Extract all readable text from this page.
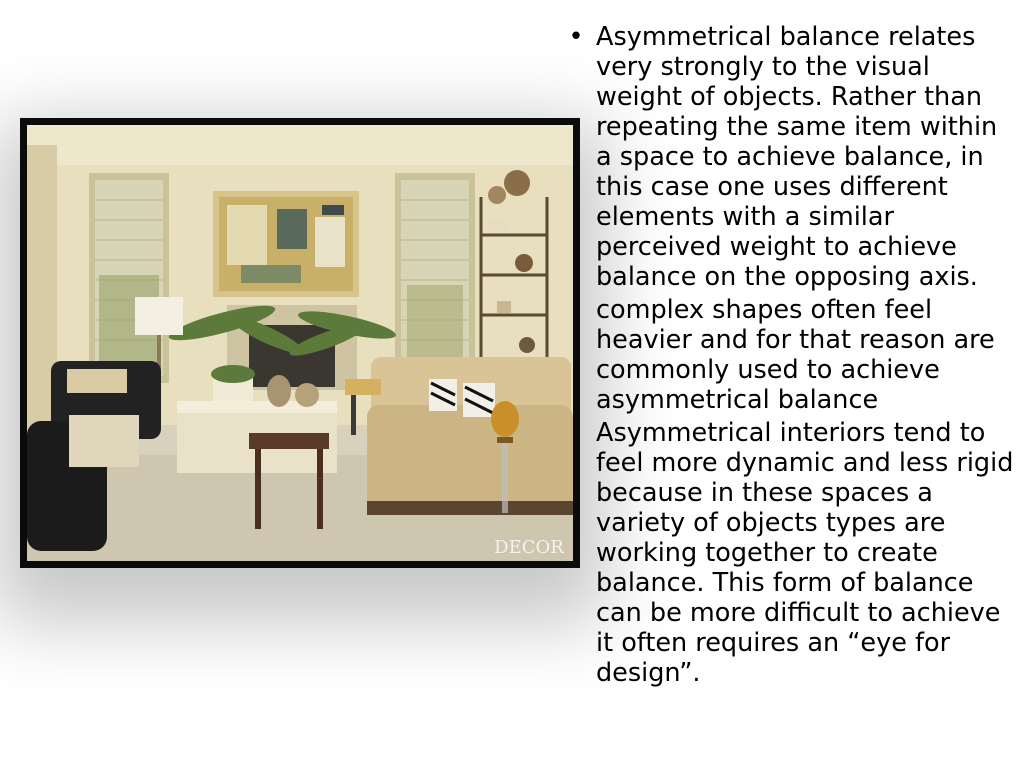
DECOR
• Asymmetrical balance relates very strongly to the visual weight of objects. Rather than repeating the same item within a space to achieve balance, in this case one uses different elements with a similar perceived weight to achieve balance on the opposing axis.
complex shapes often feel heavier and for that reason are commonly used to achieve asymmetrical balance
Asymmetrical interiors tend to feel more dynamic and less rigid because in these spaces a variety of objects types are working together to create balance. This form of balance can be more difficult to achieve it often requires an “eye for design”.
